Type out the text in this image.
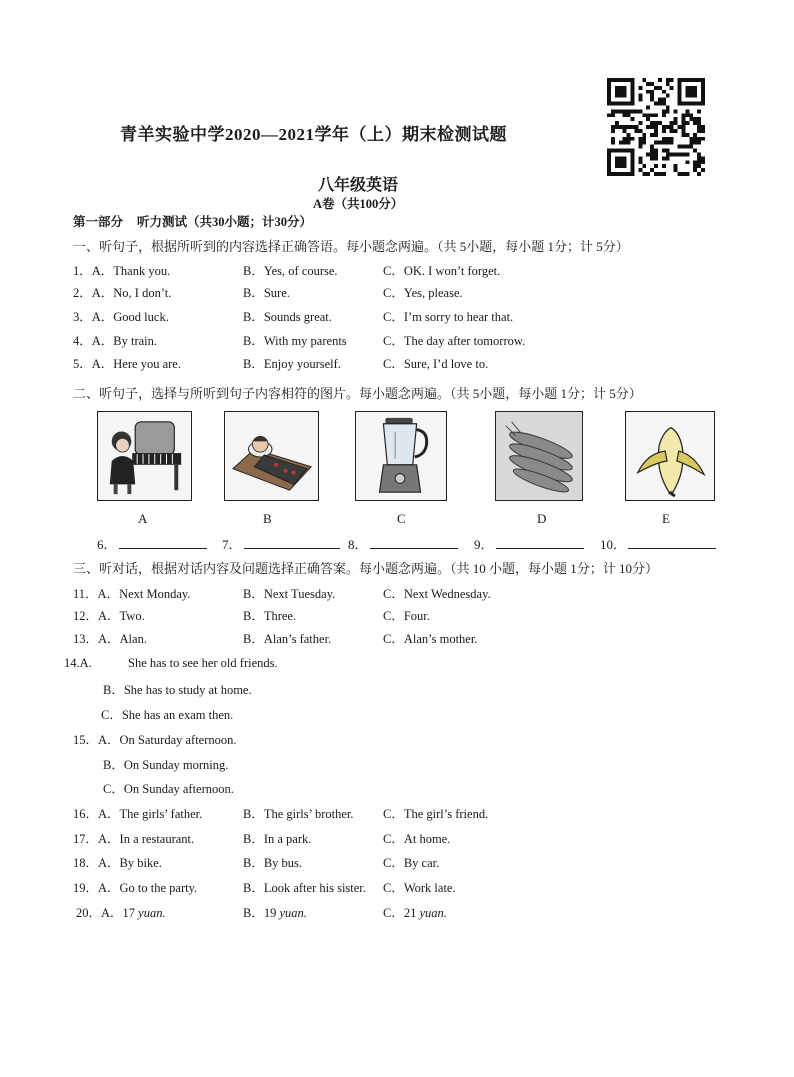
青羊实验中学2020—2021学年（上）期末检测试题
八年级英语
A卷（共100分）
第一部分 听力测试（共30小题；计30分）
一、听句子，根据所听到的内容选择正确答语。每小题念两遍。（共 5小题，每小题 1分；计 5分）
1．A．Thank you.	B．Yes, of course.	C．OK. I won’t forget.
2．A．No, I don’t.	B．Sure.	C．Yes, please.
3．A．Good luck.	B．Sounds great.	C．I’m sorry to hear that.
4．A．By train.	B．With my parents	C．The day after tomorrow.
5．A．Here you are.	B．Enjoy yourself.	C．Sure, I’d love to.
二、听句子，选择与所听到句子内容相符的图片。每小题念两遍。（共 5小题，每小题 1分；计 5分）
A	B	C	D	E
6．	7．	8．	9．	10．
三、听对话，根据对话内容及问题选择正确答案。每小题念两遍。（共 10 小题，每小题 1分；计 10分）
11．A．Next Monday.	B．Next Tuesday.	C．Next Wednesday.
12．A．Two.	B．Three.	C．Four.
13．A．Alan.	B．Alan’s father.	C．Alan’s mother.
14.A.	She has to see her old friends.
B．She has to study at home.
C．She has an exam then.
15．A．On Saturday afternoon.
B．On Sunday morning.
C．On Sunday afternoon.
16．A．The girls’ father.	B．The girls’ brother. C．The girl’s friend.
17．A．In a restaurant.	B．In a park.	C．At home.
18．A．By bike.	B．By bus.	C．By car.
19．A．Go to the party.	B．Look after his sister. C．Work late.
20．A．17 yuan.	B．19 yuan.	C．21 yuan.
